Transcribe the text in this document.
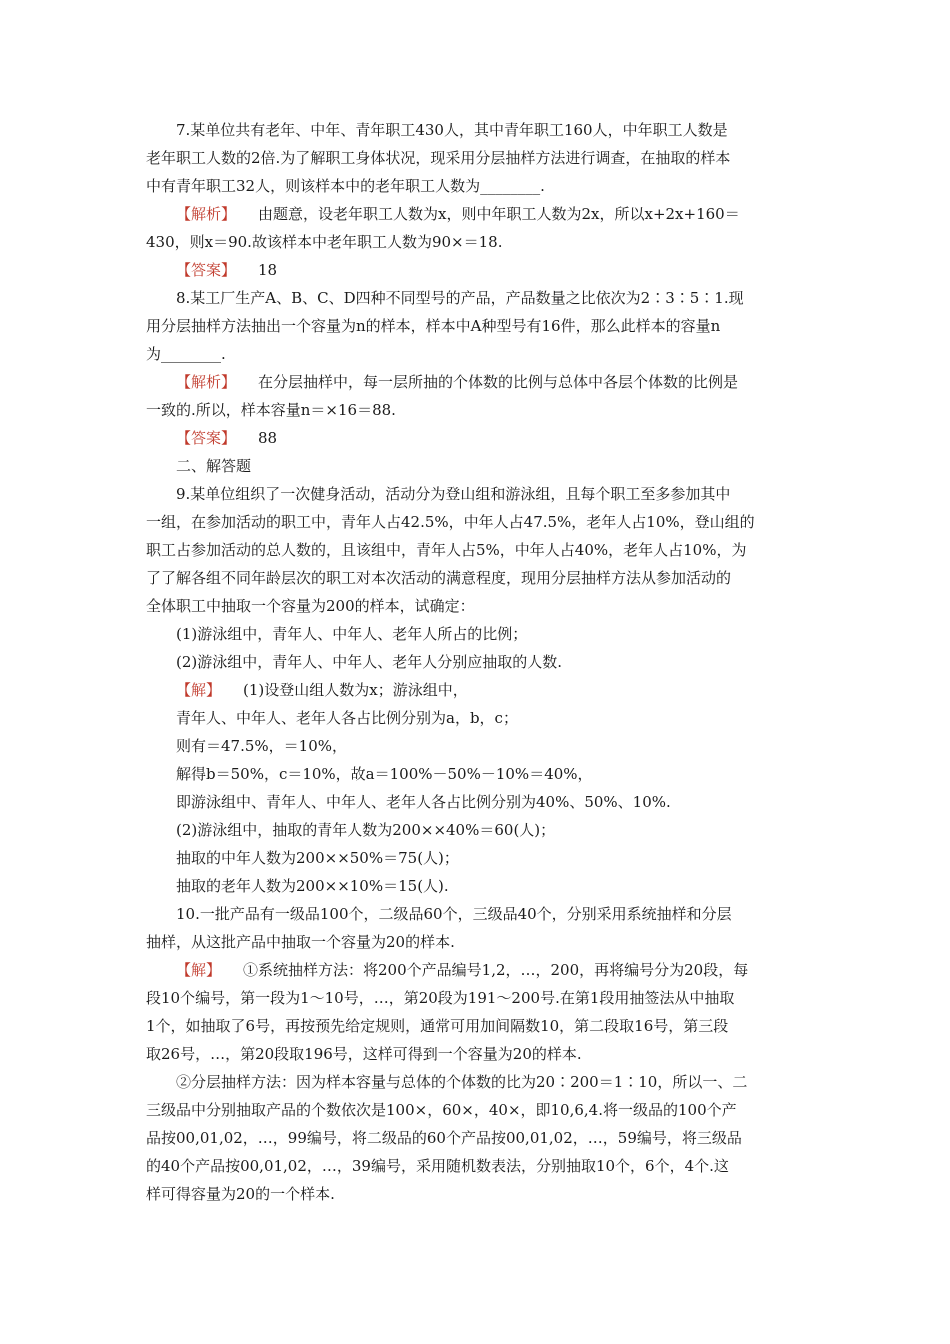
7.某单位共有老年、中年、青年职工430人，其中青年职工160人，中年职工人数是
老年职工人数的2倍.为了解职工身体状况，现采用分层抽样方法进行调查，在抽取的样本
中有青年职工32人，则该样本中的老年职工人数为________.
【解析】 由题意，设老年职工人数为x，则中年职工人数为2x，所以x+2x+160＝
430，则x＝90.故该样本中老年职工人数为90×＝18.
【答案】 18
8.某工厂生产A、B、C、D四种不同型号的产品，产品数量之比依次为2∶3∶5∶1.现
用分层抽样方法抽出一个容量为n的样本，样本中A种型号有16件，那么此样本的容量n
为________.
【解析】 在分层抽样中，每一层所抽的个体数的比例与总体中各层个体数的比例是
一致的.所以，样本容量n＝×16＝88.
【答案】 88
二、解答题
9.某单位组织了一次健身活动，活动分为登山组和游泳组，且每个职工至多参加其中
一组，在参加活动的职工中，青年人占42.5%，中年人占47.5%，老年人占10%，登山组的
职工占参加活动的总人数的，且该组中，青年人占5%，中年人占40%，老年人占10%，为
了了解各组不同年龄层次的职工对本次活动的满意程度，现用分层抽样方法从参加活动的
全体职工中抽取一个容量为200的样本，试确定：
(1)游泳组中，青年人、中年人、老年人所占的比例；
(2)游泳组中，青年人、中年人、老年人分别应抽取的人数.
【解】 (1)设登山组人数为x；游泳组中，
青年人、中年人、老年人各占比例分别为a，b，c；
则有＝47.5%，＝10%，
解得b＝50%，c＝10%，故a＝100%－50%－10%＝40%，
即游泳组中、青年人、中年人、老年人各占比例分别为40%、50%、10%.
(2)游泳组中，抽取的青年人数为200××40%＝60(人)；
抽取的中年人数为200××50%＝75(人)；
抽取的老年人数为200××10%＝15(人).
10.一批产品有一级品100个，二级品60个，三级品40个，分别采用系统抽样和分层
抽样，从这批产品中抽取一个容量为20的样本.
【解】 ①系统抽样方法：将200个产品编号1,2，…，200，再将编号分为20段，每
段10个编号，第一段为1～10号，…，第20段为191～200号.在第1段用抽签法从中抽取
1个，如抽取了6号，再按预先给定规则，通常可用加间隔数10，第二段取16号，第三段
取26号，…，第20段取196号，这样可得到一个容量为20的样本.
②分层抽样方法：因为样本容量与总体的个体数的比为20∶200＝1∶10，所以一、二
三级品中分别抽取产品的个数依次是100×，60×，40×，即10,6,4.将一级品的100个产
品按00,01,02，…，99编号，将二级品的60个产品按00,01,02，…，59编号，将三级品
的40个产品按00,01,02，…，39编号，采用随机数表法，分别抽取10个，6个，4个.这
样可得容量为20的一个样本.
